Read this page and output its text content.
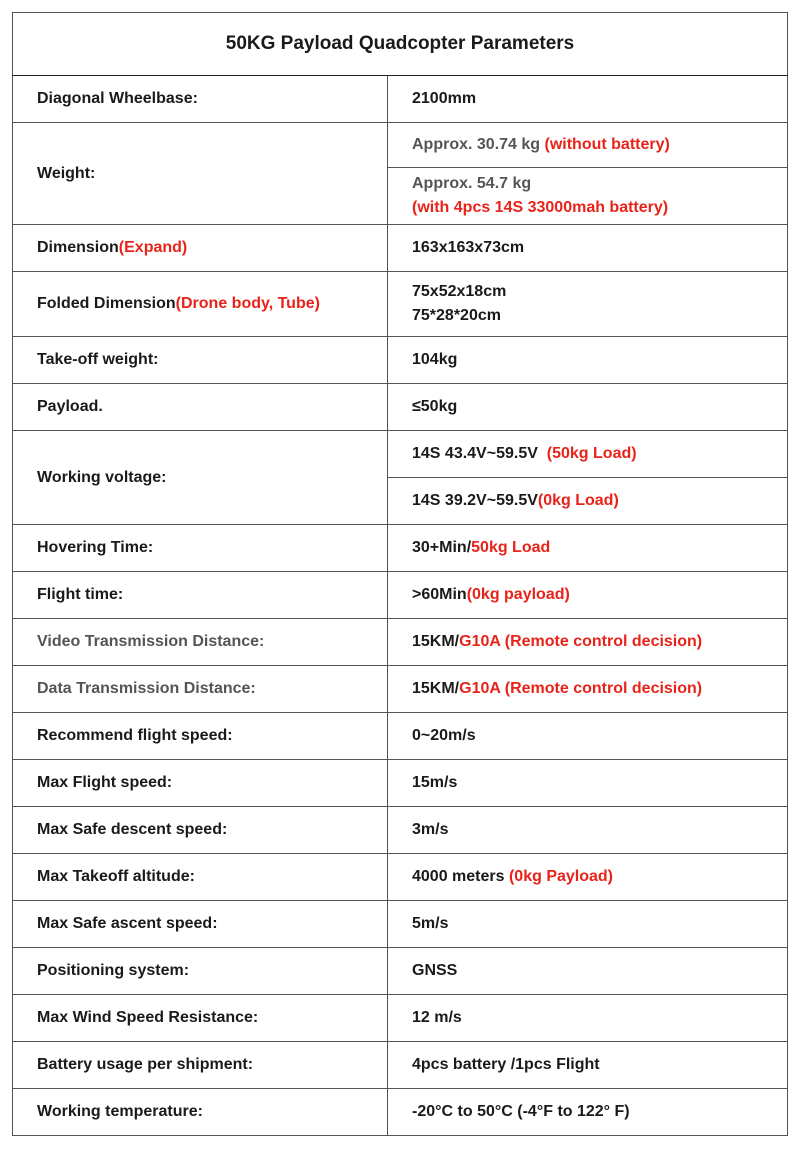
50KG Payload Quadcopter Parameters	
Diagonal Wheelbase:	2100mm
Weight:	Approx. 30.74 kg (without battery)

	Approx. 54.7 kg
(with 4pcs 14S 33000mah battery)

Dimension(Expand)	163x163x73cm
Folded Dimension(Drone body, Tube)	75x52x18cm
75*28*20cm

Take-off weight:	104kg
Payload.	≤50kg
Working voltage:	14S 43.4V~59.5V (50kg Load)
	14S 39.2V~59.5V(0kg Load)
Hovering Time:	30+Min/50kg Load
Flight time:	>60Min(0kg payload)
Video Transmission Distance:	15KM/G10A (Remote control decision)
Data Transmission Distance:	15KM/G10A (Remote control decision)
Recommend flight speed:	0~20m/s
Max Flight speed:	15m/s
Max Safe descent speed:	3m/s
Max Takeoff altitude:	4000 meters (0kg Payload)
Max Safe ascent speed:	5m/s
Positioning system:	GNSS
Max Wind Speed Resistance:	12 m/s
Battery usage per shipment:	4pcs battery /1pcs Flight
Working temperature:	-20°C to 50°C (-4°F to 122° F)
